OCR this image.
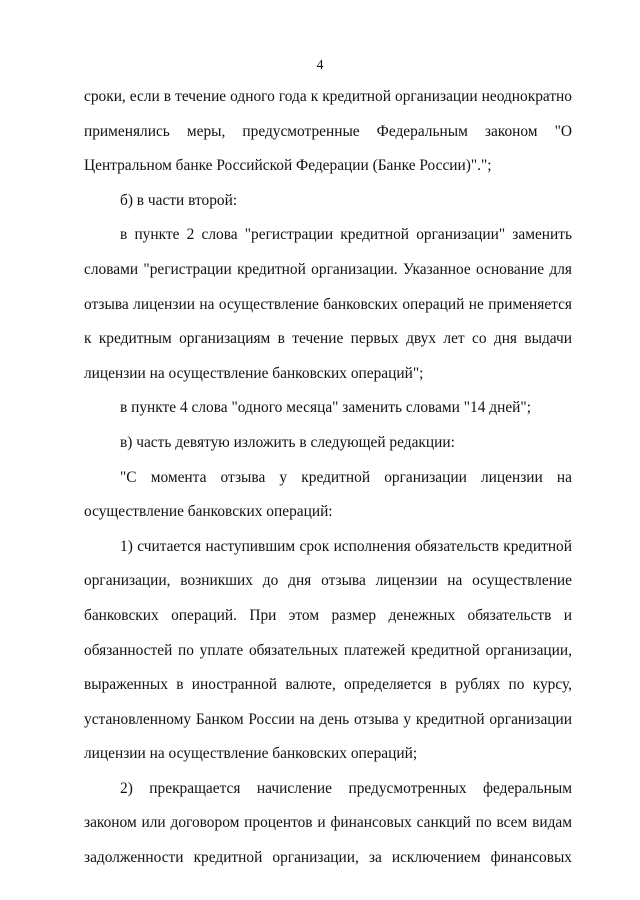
4

сроки, если в течение одного года к кредитной организации неоднократно применялись меры, предусмотренные Федеральным законом "О Центральном банке Российской Федерации (Банке России)".";

б) в части второй:

в пункте 2 слова "регистрации кредитной организации" заменить словами "регистрации кредитной организации. Указанное основание для отзыва лицензии на осуществление банковских операций не применяется к кредитным организациям в течение первых двух лет со дня выдачи лицензии на осуществление банковских операций";

в пункте 4 слова "одного месяца" заменить словами "14 дней";

в) часть девятую изложить в следующей редакции:

"С момента отзыва у кредитной организации лицензии на осуществление банковских операций:

1) считается наступившим срок исполнения обязательств кредитной организации, возникших до дня отзыва лицензии на осуществление банковских операций. При этом размер денежных обязательств и обязанностей по уплате обязательных платежей кредитной организации, выраженных в иностранной валюте, определяется в рублях по курсу, установленному Банком России на день отзыва у кредитной организации лицензии на осуществление банковских операций;

2) прекращается начисление предусмотренных федеральным законом или договором процентов и финансовых санкций по всем видам задолженности кредитной организации, за исключением финансовых
